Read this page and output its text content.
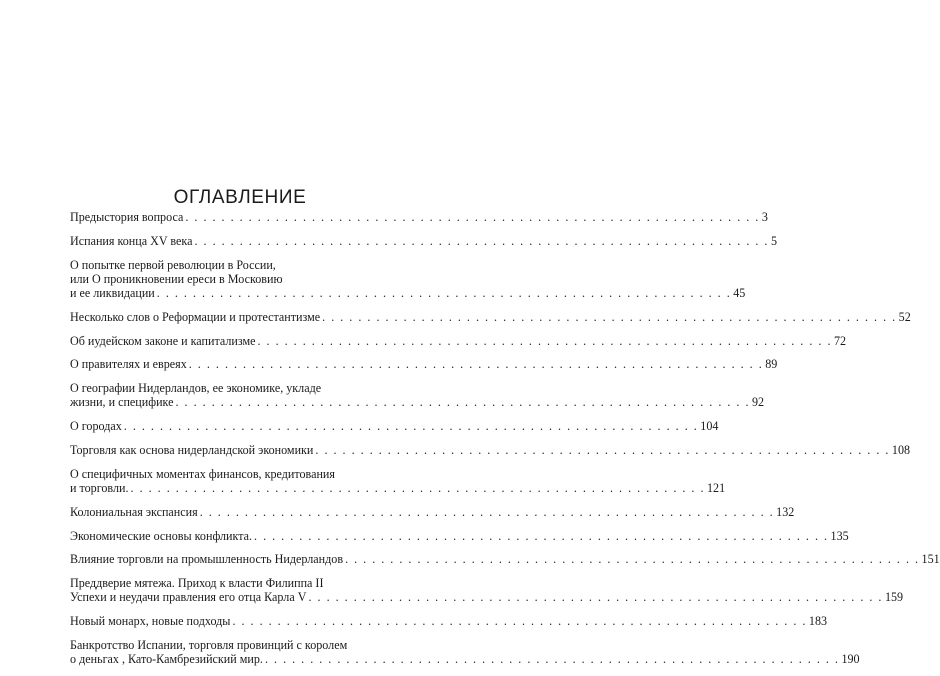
ОГЛАВЛЕНИЕ
Предыстория вопроса . . . . . . . . . . . . . . . . . . . . . . . . . . . . . . . . . . . . . . . . . . . . . . . . . . . . . . . . . . . . . . . . 3
Испания конца XV века . . . . . . . . . . . . . . . . . . . . . . . . . . . . . . . . . . . . . . . . . . . . . . . . . . . . . . . . . . . . . . . . 5
О попытке первой революции в России,
или О проникновении ереси в Московию
и ее ликвидации . . . . . . . . . . . . . . . . . . . . . . . . . . . . . . . . . . . . . . . . . . . . . . . . . . . . . . . . . . . . . . . . 45
Несколько слов о Реформации и протестантизме . . . . . . . . . . . . . . . . . . . . . . . . . . . . . . . . . . . . . . . . . . . . . . . . . . . . . . . . . . . . . . . . 52
Об иудейском законе и капитализме . . . . . . . . . . . . . . . . . . . . . . . . . . . . . . . . . . . . . . . . . . . . . . . . . . . . . . . . . . . . . . . . 72
О правителях и евреях . . . . . . . . . . . . . . . . . . . . . . . . . . . . . . . . . . . . . . . . . . . . . . . . . . . . . . . . . . . . . . . . 89
О географии Нидерландов, ее экономике, укладе
жизни, и специфике . . . . . . . . . . . . . . . . . . . . . . . . . . . . . . . . . . . . . . . . . . . . . . . . . . . . . . . . . . . . . . . . 92
О городах . . . . . . . . . . . . . . . . . . . . . . . . . . . . . . . . . . . . . . . . . . . . . . . . . . . . . . . . . . . . . . . . 104
Торговля как основа нидерландской экономики . . . . . . . . . . . . . . . . . . . . . . . . . . . . . . . . . . . . . . . . . . . . . . . . . . . . . . . . . . . . . . . . 108
О специфичных моментах финансов, кредитования
и торговли. . . . . . . . . . . . . . . . . . . . . . . . . . . . . . . . . . . . . . . . . . . . . . . . . . . . . . . . . . . . . . . . . 121
Колониальная экспансия . . . . . . . . . . . . . . . . . . . . . . . . . . . . . . . . . . . . . . . . . . . . . . . . . . . . . . . . . . . . . . . . 132
Экономические основы конфликта. . . . . . . . . . . . . . . . . . . . . . . . . . . . . . . . . . . . . . . . . . . . . . . . . . . . . . . . . . . . . . . . . 135
Влияние торговли на промышленность Нидерландов . . . . . . . . . . . . . . . . . . . . . . . . . . . . . . . . . . . . . . . . . . . . . . . . . . . . . . . . . . . . . . . . 151
Преддверие мятежа. Приход к власти Филиппа II
Успехи и неудачи правления его отца Карла V . . . . . . . . . . . . . . . . . . . . . . . . . . . . . . . . . . . . . . . . . . . . . . . . . . . . . . . . . . . . . . . . 159
Новый монарх, новые подходы . . . . . . . . . . . . . . . . . . . . . . . . . . . . . . . . . . . . . . . . . . . . . . . . . . . . . . . . . . . . . . . . 183
Банкротство Испании, торговля провинций с королем
о деньгах , Като-Камбрезийский мир. . . . . . . . . . . . . . . . . . . . . . . . . . . . . . . . . . . . . . . . . . . . . . . . . . . . . . . . . . . . . . . . . 190
